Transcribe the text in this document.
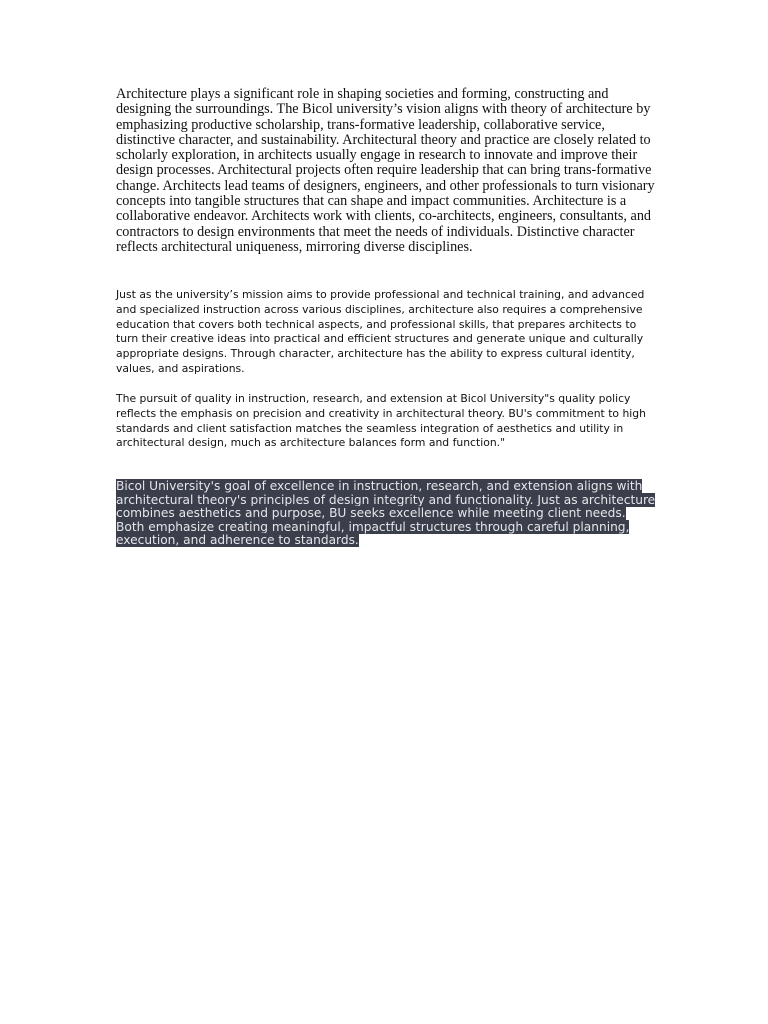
Architecture plays a significant role in shaping societies and forming, constructing and designing the surroundings. The Bicol university’s vision aligns with theory of architecture by emphasizing productive scholarship, trans-formative leadership, collaborative service, distinctive character, and sustainability. Architectural theory and practice are closely related to scholarly exploration, in architects usually engage in research to innovate and improve their design processes. Architectural projects often require leadership that can bring trans-formative change. Architects lead teams of designers, engineers, and other professionals to turn visionary concepts into tangible structures that can shape and impact communities. Architecture is a collaborative endeavor. Architects work with clients, co-architects, engineers, consultants, and contractors to design environments that meet the needs of individuals. Distinctive character reflects architectural uniqueness, mirroring diverse disciplines.

Just as the university’s mission aims to provide professional and technical training, and advanced and specialized instruction across various disciplines, architecture also requires a comprehensive education that covers both technical aspects, and professional skills, that prepares architects to turn their creative ideas into practical and efficient structures and generate unique and culturally appropriate designs. Through character, architecture has the ability to express cultural identity, values, and aspirations.

The pursuit of quality in instruction, research, and extension at Bicol University"s quality policy reflects the emphasis on precision and creativity in architectural theory. BU's commitment to high standards and client satisfaction matches the seamless integration of aesthetics and utility in architectural design, much as architecture balances form and function."

Bicol University's goal of excellence in instruction, research, and extension aligns with architectural theory's principles of design integrity and functionality. Just as architecture combines aesthetics and purpose, BU seeks excellence while meeting client needs. Both emphasize creating meaningful, impactful structures through careful planning, execution, and adherence to standards.
